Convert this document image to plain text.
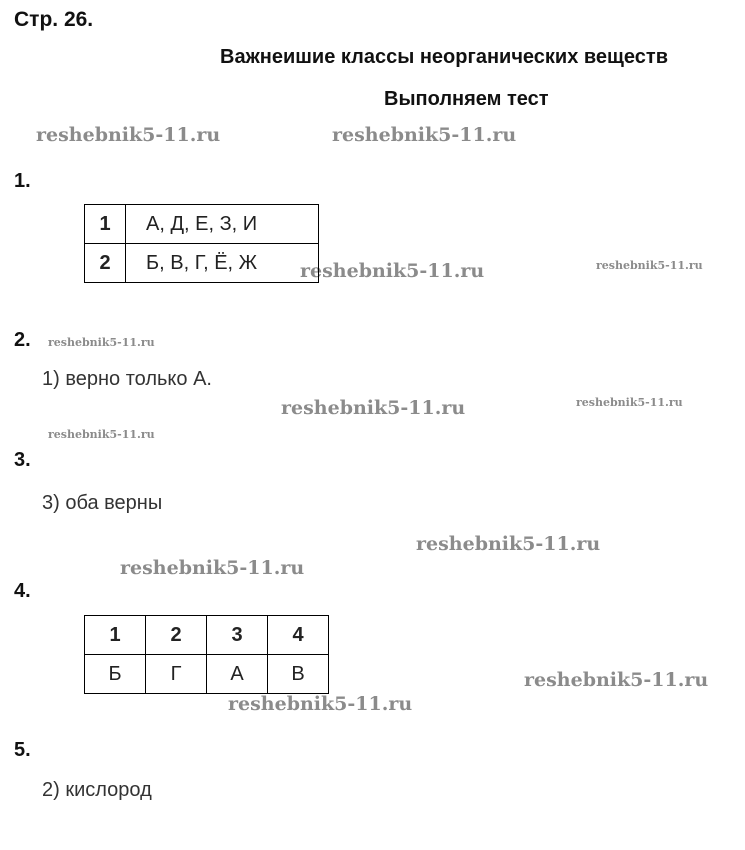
Стр. 26.
Важнеишие классы неорганических веществ
Выполняем тест
reshebnik5-11.ru	reshebnik5-11.ru
reshebnik5-11.ru	reshebnik5-11.ru
reshebnik5-11.ru
reshebnik5-11.ru	reshebnik5-11.ru
reshebnik5-11.ru
reshebnik5-11.ru
reshebnik5-11.ru
reshebnik5-11.ru
reshebnik5-11.ru
1.
1	А, Д, Е, З, И
2	Б, В, Г, Ё, Ж
2.
1) верно только А.
3.
3) оба верны
4.
1	2	3	4
Б	Г	А	В
5.
2) кислород
